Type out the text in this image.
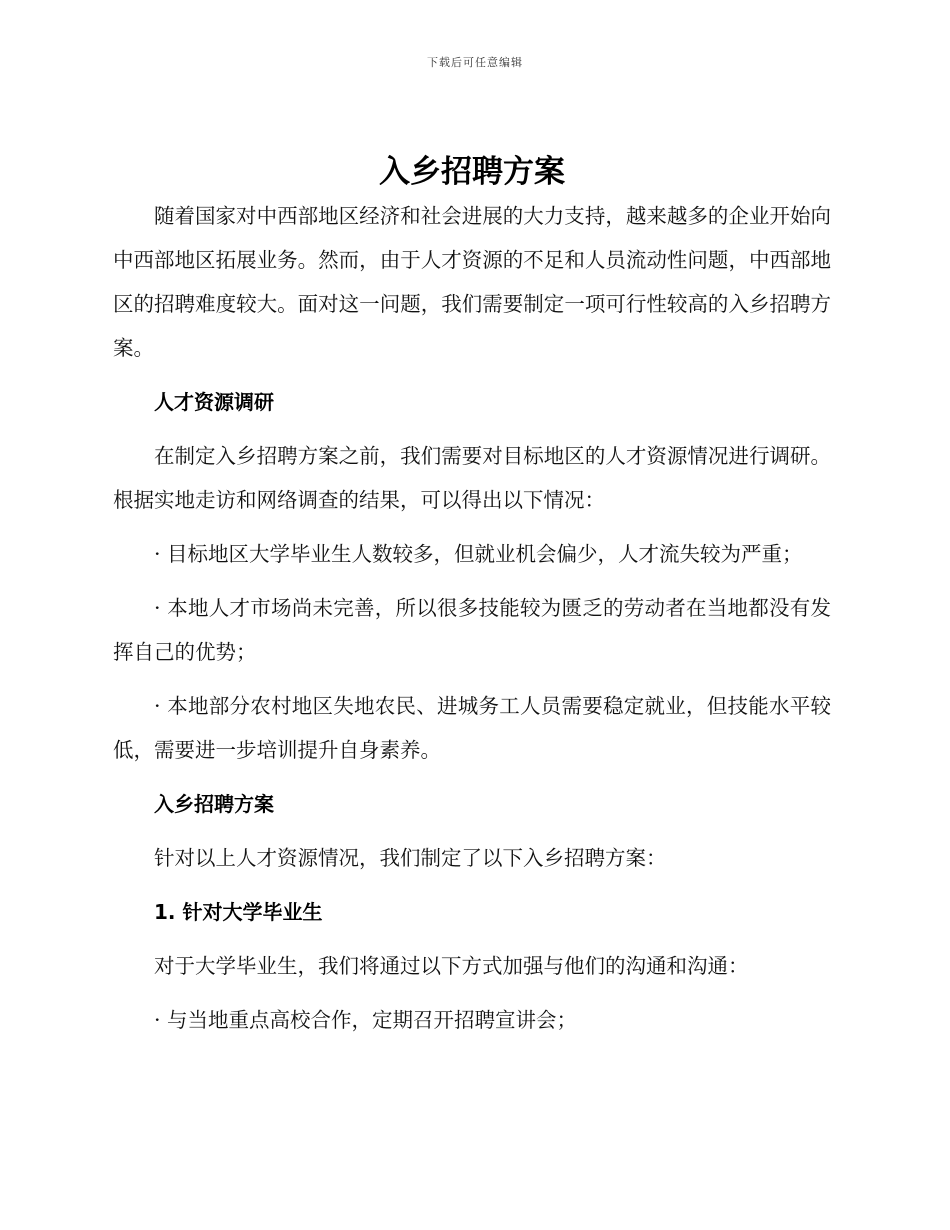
下载后可任意编辑
入乡招聘方案

随着国家对中西部地区经济和社会进展的大力支持，越来越多的企业开始向中西部地区拓展业务。然而，由于人才资源的不足和人员流动性问题，中西部地区的招聘难度较大。面对这一问题，我们需要制定一项可行性较高的入乡招聘方案。

人才资源调研

在制定入乡招聘方案之前，我们需要对目标地区的人才资源情况进行调研。根据实地走访和网络调查的结果，可以得出以下情况：

· 目标地区大学毕业生人数较多，但就业机会偏少，人才流失较为严重；

· 本地人才市场尚未完善，所以很多技能较为匮乏的劳动者在当地都没有发挥自己的优势；

· 本地部分农村地区失地农民、进城务工人员需要稳定就业，但技能水平较低，需要进一步培训提升自身素养。

入乡招聘方案

针对以上人才资源情况，我们制定了以下入乡招聘方案：

1. 针对大学毕业生

对于大学毕业生，我们将通过以下方式加强与他们的沟通和沟通：

· 与当地重点高校合作，定期召开招聘宣讲会；
